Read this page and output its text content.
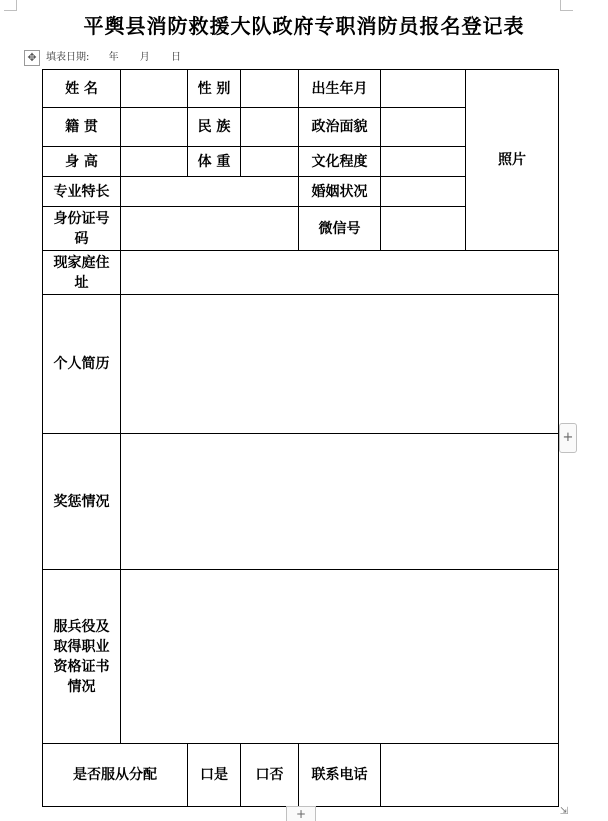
平舆县消防救援大队政府专职消防员报名登记表
✥ 填表日期: 年 月 日
姓 名		性 别		出生年月		照片
籍 贯		民 族		政治面貌		
身 高		体 重		文化程度		
专业特长				婚姻状况		
身份证号码				微信号		
现家庭住址						
个人简历						
奖惩情况						
服兵役及取得职业资格证书情况						
是否服从分配		口是	口否	联系电话		
+
+	⇲
